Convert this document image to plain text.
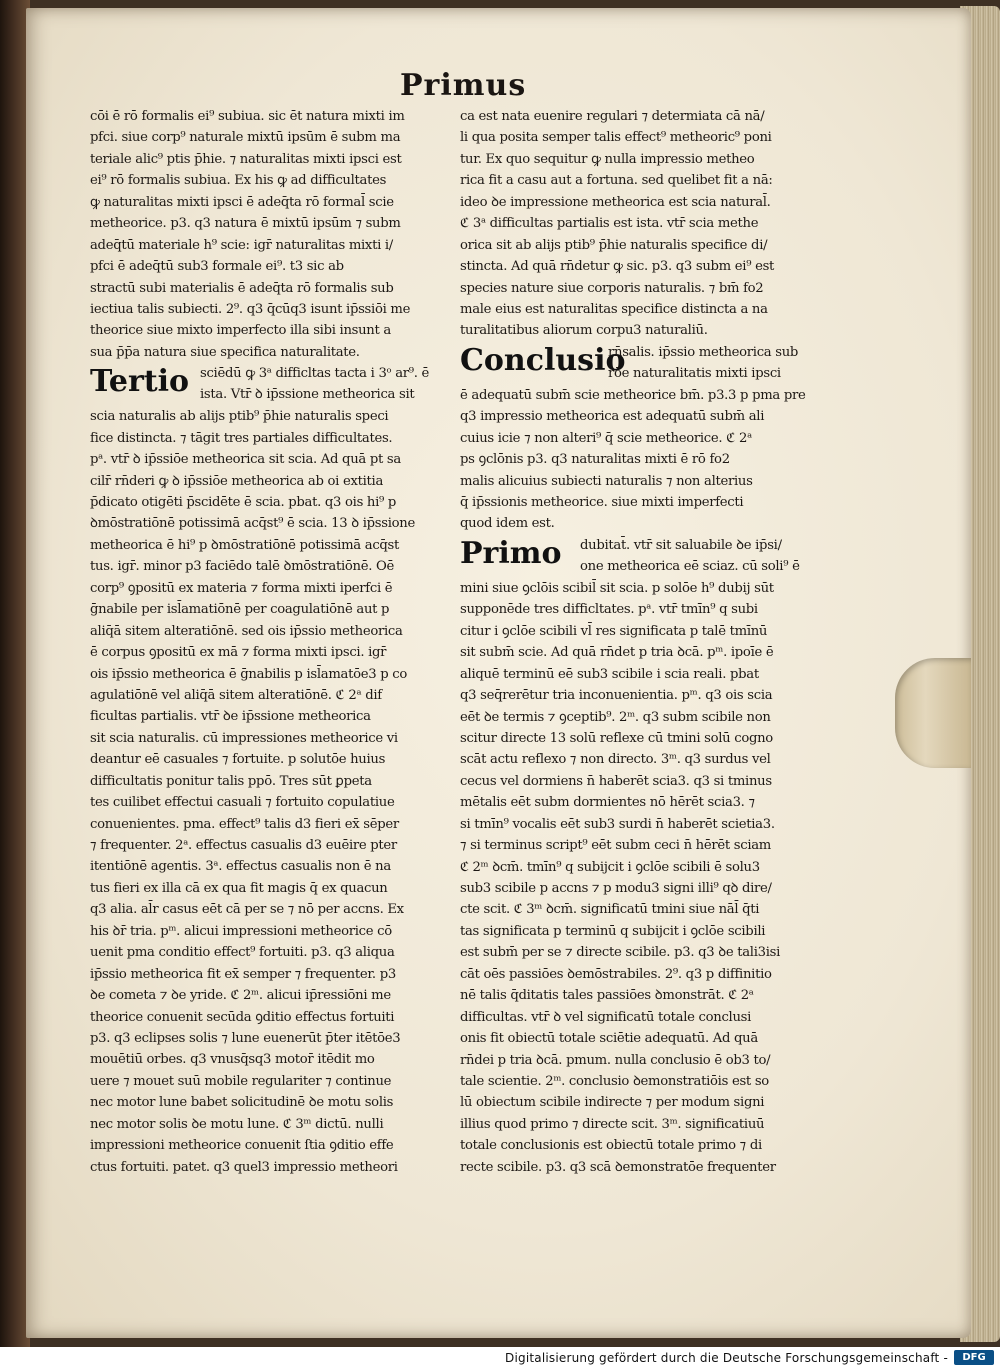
Primus
cōi ē rō formalis ei⁹ subiua. sic ēt natura mixti im
pfci. siue corp⁹ naturale mixtū ipsūm ē subm ma
teriale alic⁹ ptis p̄hie. ⁊ naturalitas mixti ipsci est
ei⁹ rō formalis subiua. Ex his ꝙ ad difficultates
ꝙ naturalitas mixti ipsci ē adeq̄ta rō formal̄ scie
metheorice. p3. q3 natura ē mixtū ipsūm ⁊ subm
adeq̄tū materiale h⁹ scie: igr̄ naturalitas mixti i/
pfci ē adeq̄tū sub3 formale ei⁹. t3 sic ab
stractū subi materialis ē adeq̄ta rō formalis sub
iectiua talis subiecti. 2⁹. q3 q̄cūq3 isunt ip̄ssiōi me
theorice siue mixto imperfecto illa sibi insunt a
sua p̄p̄a natura siue specifica naturalitate.
Tertio sciēdū ꝙ 3ᵃ difficltas tacta i 3ᵒ ar⁹. ē
ista. Vtr̄ ꝺ ip̄ssione metheorica sit
scia naturalis ab alijs ptib⁹ p̄hie naturalis speci
fice distincta. ⁊ tāgit tres partiales difficultates.
pᵃ. vtr̄ ꝺ ip̄ssiōe metheorica sit scia. Ad quā pt sa
cilr̄ rn̄deri ꝙ ꝺ ip̄ssiōe metheorica ab oi extitia
p̄dicato otigēti p̄scidēte ē scia. pbat. q3 ois hi⁹ p
ꝺmōstratiōnē potissimā acq̄st⁹ ē scia. 13 ꝺ ip̄ssione
metheorica ē hi⁹ p ꝺmōstratiōnē potissimā acq̄st
tus. igr̄. minor p3 faciēdo talē ꝺmōstratiōnē. Oē
corp⁹ ꝯpositū ex materia ⁊ forma mixti iperfci ē
ḡnabile per isl̄amatiōnē per coagulatiōnē aut p
aliq̄ā sitem alteratiōnē. sed ois ip̄ssio metheorica
ē corpus ꝯpositū ex mā ⁊ forma mixti ipsci. igr̄
ois ip̄ssio metheorica ē ḡnabilis p isl̄amatōe3 p co
agulatiōnē vel aliq̄ā sitem alteratiōnē. ℭ 2ᵃ dif
ficultas partialis. vtr̄ ꝺe ip̄ssione metheorica
sit scia naturalis. cū impressiones metheorice vi
deantur eē casuales ⁊ fortuite. p solutōe huius
difficultatis ponitur talis ppō. Tres sūt ꝑpeta
tes cuilibet effectui casuali ⁊ fortuito copulatiue
conuenientes. pma. effect⁹ talis d3 fieri ex̄ sēper
⁊ frequenter. 2ᵃ. effectus casualis d3 euēire pter
itentiōnē agentis. 3ᵃ. effectus casualis non ē na
tus fieri ex illa cā ex qua fit magis q̄ ex quacun
q3 alia. al̄r casus eēt cā per se ⁊ nō per accns. Ex
his ꝺr̄ tria. pᵐ. alicui impressioni metheorice cō
uenit pma conditio effect⁹ fortuiti. p3. q3 aliqua
ip̄ssio metheorica fit ex̄ semper ⁊ frequenter. p3
ꝺe cometa ⁊ ꝺe yride. ℭ 2ᵐ. alicui ip̄ressiōni me
theorice conuenit secūda ꝯditio effectus fortuiti
p3. q3 eclipses solis ⁊ lune euenerūt p̄ter itētōe3
mouētiū orbes. q3 vnusq̄sq3 motor̄ itēdit mo
uere ⁊ mouet suū mobile regulariter ⁊ continue
nec motor lune babet solicitudinē ꝺe motu solis
nec motor solis ꝺe motu lune. ℭ 3ᵐ dictū. nulli
impressioni metheorice conuenit ſtia ꝯditio effe
ctus fortuiti. patet. q3 quel3 impressio metheori
ca est nata euenire regulari ⁊ determiata cā nā/
li qua posita semper talis effect⁹ metheoric⁹ poni
tur. Ex quo sequitur ꝙ nulla impressio metheo
rica fit a casu aut a fortuna. sed quelibet fit a nā:
ideo ꝺe impressione metheorica est scia natural̄.
ℭ 3ᵃ difficultas partialis est ista. vtr̄ scia methe
orica sit ab alijs ptib⁹ p̄hie naturalis specifice di/
stincta. Ad quā rn̄detur ꝙ sic. p3. q3 subm ei⁹ est
species nature siue corporis naturalis. ⁊ bm̄ fo2
male eius est naturalitas specifice distincta a na
turalitatibus aliorum corpu3 naturaliū.
Conclusio
rn̄salis. ip̄ssio metheorica sub
rōe naturalitatis mixti ipsci
ē adequatū subm̄ scie metheorice bm̄. p3.3 p pma pre
q3 impressio metheorica est adequatū subm̄ ali
cuius icie ⁊ non alteri⁹ q̄ scie metheorice. ℭ 2ᵃ
ps ꝯclōnis p3. q3 naturalitas mixti ē rō fo2
malis alicuius subiecti naturalis ⁊ non alterius
q̄ ip̄ssionis metheorice. siue mixti imperfecti
quod idem est.
Primo dubitat̄. vtr̄ sit saluabile ꝺe ip̄si/
one metheorica eē sciaz. cū soli⁹ ē
mini siue ꝯclōis scibil̄ sit scia. p solōe h⁹ dubij sūt
supponēde tres difficltates. pᵃ. vtr̄ tmīn⁹ q subi
citur i ꝯclōe scibili vl̄ res significata p talē tmīnū
sit subm̄ scie. Ad quā rn̄det p tria ꝺcā. pᵐ. ipoīe ē
aliquē terminū eē sub3 scibile i scia reali. pbat
q3 seq̄rerētur tria inconuenientia. pᵐ. q3 ois scia
eēt ꝺe termis ⁊ ꝯceptib⁹. 2ᵐ. q3 subm scibile non
scitur directe 13 solū reflexe cū tmini solū cogno
scāt actu reflexo ⁊ non directo. 3ᵐ. q3 surdus vel
cecus vel dormiens n̄ haberēt scia3. q3 si tminus
mētalis eēt subm dormientes nō hērēt scia3. ⁊
si tmīn⁹ vocalis eēt sub3 surdi n̄ haberēt scietia3.
⁊ si terminus script⁹ eēt subm ceci n̄ hērēt sciam
ℭ 2ᵐ ꝺcm̄. tmīn⁹ q subijcit i ꝯclōe scibili ē solu3
sub3 scibile p accns ⁊ p modu3 signi illi⁹ qꝺ dire/
cte scit. ℭ 3ᵐ ꝺcm̄. significatū tmini siue nāl̄ q̄ti
tas significata p terminū q subijcit i ꝯclōe scibili
est subm̄ per se ⁊ directe scibile. p3. q3 ꝺe tali3isi
cāt oēs passiōes ꝺemōstrabiles. 2⁹. q3 p diffinitio
nē talis q̄ditatis tales passiōes ꝺmonstrāt. ℭ 2ᵃ
difficultas. vtr̄ ꝺ vel significatū totale conclusi
onis fit obiectū totale sciētie adequatū. Ad quā
rn̄dei p tria ꝺcā. pmum. nulla conclusio ē ob3 to/
tale scientie. 2ᵐ. conclusio ꝺemonstratiōis est so
lū obiectum scibile indirecte ⁊ per modum signi
illius quod primo ⁊ directe scit. 3ᵐ. significatiuū
totale conclusionis est obiectū totale primo ⁊ di
recte scibile. p3. q3 scā ꝺemonstratōe frequenter
Digitalisierung gefördert durch die Deutsche Forschungsgemeinschaft -	DFG
